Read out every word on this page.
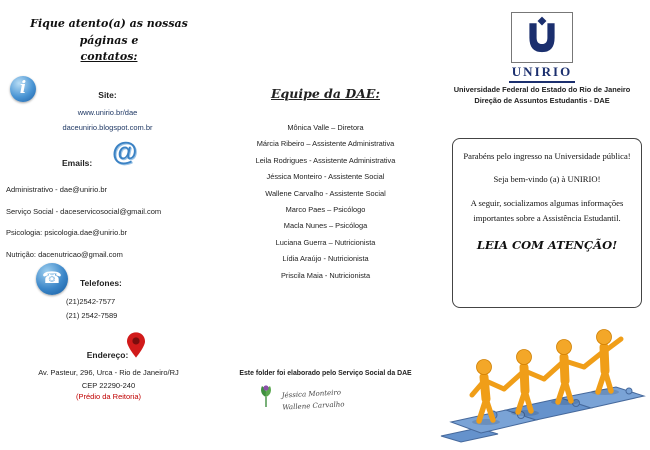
Fique atento(a) as nossas páginas e
contatos:
i	Site:
www.unirio.br/dae
daceunirio.blogspot.com.br
Emails: @
Administrativo - dae@unirio.br
Serviço Social - daceservicosocial@gmail.com
Psicologia: psicologia.dae@unirio.br
Nutrição: dacenutricao@gmail.com
☎	Telefones:
(21)2542-7577
(21) 2542-7589
Endereço:
Av. Pasteur, 296, Urca - Rio de Janeiro/RJ
CEP 22290-240
(Prédio da Reitoria)
Equipe da DAE:
Mônica Valle – Diretora
Márcia Ribeiro – Assistente Administrativa
Leila Rodrigues - Assistente Administrativa
Jéssica Monteiro - Assistente Social
Wallene Carvalho - Assistente Social
Marco Paes – Psicólogo
Macla Nunes – Psicóloga
Luciana Guerra – Nutricionista
Lídia Araújo - Nutricionista
Priscila Maia - Nutricionista
Este folder foi elaborado pelo Serviço Social da DAE
Jéssica Monteiro
Wallene Carvalho
UNIRIO
Universidade Federal do Estado do Rio de Janeiro
Direção de Assuntos Estudantis - DAE

Parabéns pelo ingresso na Universidade pública!

Seja bem-vindo (a) à UNIRIO!

A seguir, socializamos algumas informações importantes sobre a Assistência Estudantil.

LEIA COM ATENÇÃO!
